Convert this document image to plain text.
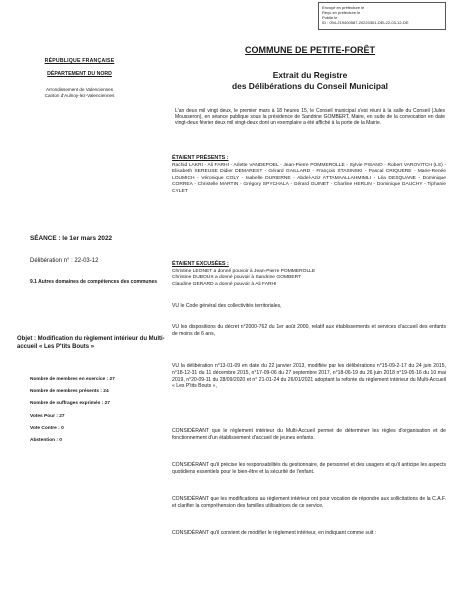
Envoyé en préfecture le
Reçu en préfecture le
Publié le
ID : 094-219400587-20220301-DEL22-03-12-DE
RÉPUBLIQUE FRANÇAISE
DÉPARTEMENT DU NORD
Arrondissement de Valenciennes
Canton d'Aulnoy-lez-Valenciennes
SÉANCE : le 1er mars 2022
Délibération n° : 22-03-12
9.1 Autres domaines de compétences des communes
Objet : Modification du règlement intérieur du Multi-accueil « Les P'tits Bouts »
Nombre de membres en exercice : 27
Nombre de membres présents : 24
Nombre de suffrages exprimés : 27
Votes Pour : 27
Vote Contre : 0
Abstention : 0
COMMUNE DE PETITE-FORÊT
Extrait du Registre
des Délibérations du Conseil Municipal
L'an deux mil vingt deux, le premier mars à 18 heures 15, le Conseil municipal s'est réuni à la salle du Conseil (Jules Mousseron), en séance publique sous la présidence de Sandrine GOMBERT, Maire, en suite de la convocation en date vingt-deux février deux mil vingt-deux dont un exemplaire a été affiché à la porte de la Mairie.
ÉTAIENT PRÉSENTS :
Rachid LAKRI - Ali FARHI - Arlette VANDEPOEL - Jean-Pierre POMMEROLLE - Sylvie PISANO - Robert VAROVITCH (LS) - Elisabeth SEREUSE Didier DEMAREST - Gérard GAILLARD - François STASINSKI - Pascal CRIQUERE - Marie-Renée LOUMICH - Véronique COLY - Isabelle DURIERNE - Abdel-Aziz ATTAMAALLAHMIMLI - Léa DESQUANE - Dominique CORREA - Christelle MARTIN - Grégory SPYCHALA - Gérard GUINET - Charline HERLIN - Dominique DAUCHY - Tiphanie CYLET
ÉTAIENT EXCUSÉES :
Christine LEONET a donné pouvoir à Jean-Pierre POMMEROLLE
Christine DUBOUX a donné pouvoir à Sandrine GOMBERT
Claudine GERARD a donné pouvoir à Ali FARHI
VU le Code général des collectivités territoriales,
VU les dispositions du décret n°2000-762 du 1er août 2000, relatif aux établissements et services d'accueil des enfants de moins de 6 ans,
VU la délibération n°13-01-09 en date du 22 janvier 2013, modifiée par les délibérations n°15-09-2-17 du 24 juin 2015, n°18-12-31 du 11 décembre 2015, n°17-09-06 du 27 septembre 2017, n°18-06-19 du 26 juin 2018 n°19-05-16 du 10 mai 2019, n°20-09-11 du 28/09/2020 et n° 21-01-24 du 26/01/2021 adoptant la refonte du règlement intérieur du Multi-Accueil « Les P'tits Bouts »,
CONSIDÉRANT que le règlement intérieur du Multi-Accueil permet de déterminer les règles d'organisation et de fonctionnement d'un établissement d'accueil de jeunes enfants.
CONSIDÉRANT qu'il précise les responsabilités du gestionnaire, de personnel et des usagers et qu'il anticipe les aspects quotidiens essentiels pour le bien-être et la sécurité de l'enfant.
CONSIDÉRANT que les modifications au règlement intérieur ont pour vocation de répondre aux sollicitations de la C.A.F. et clarifier la compréhension des familles utilisatrices de ce service.
CONSIDÉRANT qu'il convient de modifier le règlement intérieur, en indiquant comme suit :
